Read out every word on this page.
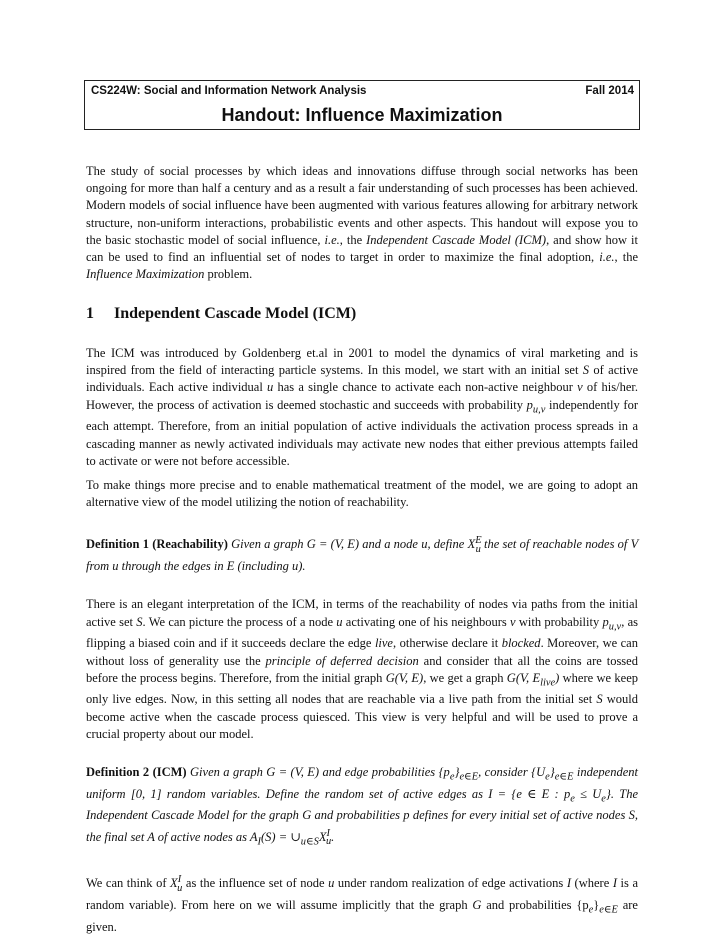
CS224W: Social and Information Network Analysis	Fall 2014
Handout: Influence Maximization

The study of social processes by which ideas and innovations diffuse through social networks has been ongoing for more than half a century and as a result a fair understanding of such processes has been achieved. Modern models of social influence have been augmented with various features allowing for arbitrary network structure, non-uniform interactions, probabilistic events and other aspects. This handout will expose you to the basic stochastic model of social influence, i.e., the Independent Cascade Model (ICM), and show how it can be used to find an influential set of nodes to target in order to maximize the final adoption, i.e., the Influence Maximization problem.

1 Independent Cascade Model (ICM)

The ICM was introduced by Goldenberg et.al in 2001 to model the dynamics of viral marketing and is inspired from the field of interacting particle systems. In this model, we start with an initial set S of active individuals. Each active individual u has a single chance to activate each non-active neighbour v of his/her. However, the process of activation is deemed stochastic and succeeds with probability $p_{u,v}$ independently for each attempt. Therefore, from an initial population of active individuals the activation process spreads in a cascading manner as newly activated individuals may activate new nodes that either previous attempts failed to activate or were not before accessible.

To make things more precise and to enable mathematical treatment of the model, we are going to adopt an alternative view of the model utilizing the notion of reachability.

Definition 1 (Reachability) Given a graph G = (V, E) and a node u, define $X^E_u$ the set of reachable nodes of V from u through the edges in E (including u).

There is an elegant interpretation of the ICM, in terms of the reachability of nodes via paths from the initial active set S. We can picture the process of a node u activating one of his neighbours v with probability $p_{u,v}$, as flipping a biased coin and if it succeeds declare the edge live, otherwise declare it blocked. Moreover, we can without loss of generality use the principle of deferred decision and consider that all the coins are tossed before the process begins. Therefore, from the initial graph G(V, E), we get a graph G(V, $E_{live}$) where we keep only live edges. Now, in this setting all nodes that are reachable via a live path from the initial set S would become active when the cascade process quiesced. This view is very helpful and will be used to prove a crucial property about our model.

Definition 2 (ICM) Given a graph G = (V, E) and edge probabilities $\{p_e\}_{e\in E}$, consider $\{U_e\}_{e\in E}$ independent uniform [0, 1] random variables. Define the random set of active edges as I = {e ∈ E : $p_e \le U_e$}. The Independent Cascade Model for the graph G and probabilities p defines for every initial set of active nodes S, the final set A of active nodes as $A_I(S)$ = $\cup_{u\in S}X^I_u$.

We can think of $X^I_u$ as the influence set of node u under random realization of edge activations I (where I is a random variable). From here on we will assume implicitly that the graph G and probabilities $\{p_e\}_{e\in E}$ are given.
